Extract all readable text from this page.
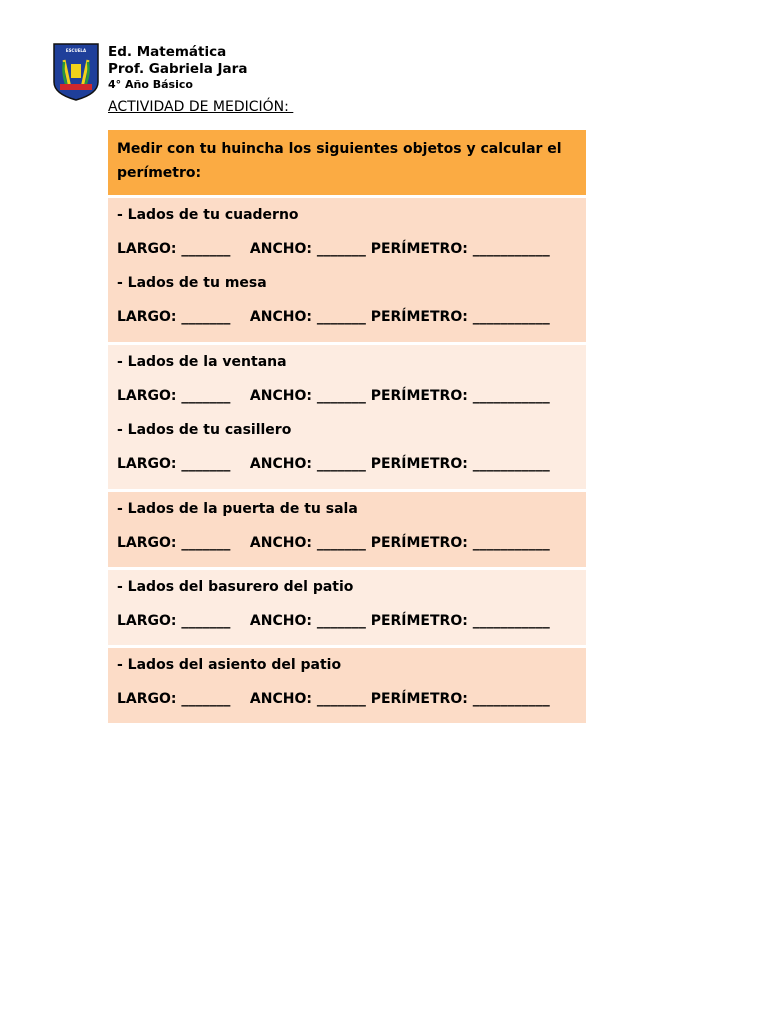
ESCUELA Ed. Matemática
Prof. Gabriela Jara
4° Año Básico
ACTIVIDAD DE MEDICIÓN:
Medir con tu huincha los siguientes objetos y calcular el perímetro:
- Lados de tu cuaderno
LARGO: _______    ANCHO: _______ PERÍMETRO: ___________
- Lados de tu mesa
LARGO: _______    ANCHO: _______ PERÍMETRO: ___________
- Lados de la ventana
LARGO: _______    ANCHO: _______ PERÍMETRO: ___________
- Lados de tu casillero
LARGO: _______    ANCHO: _______ PERÍMETRO: ___________
- Lados de la puerta de tu sala
LARGO: _______    ANCHO: _______ PERÍMETRO: ___________
- Lados del basurero del patio
LARGO: _______    ANCHO: _______ PERÍMETRO: ___________
- Lados del asiento del patio
LARGO: _______    ANCHO: _______ PERÍMETRO: ___________
